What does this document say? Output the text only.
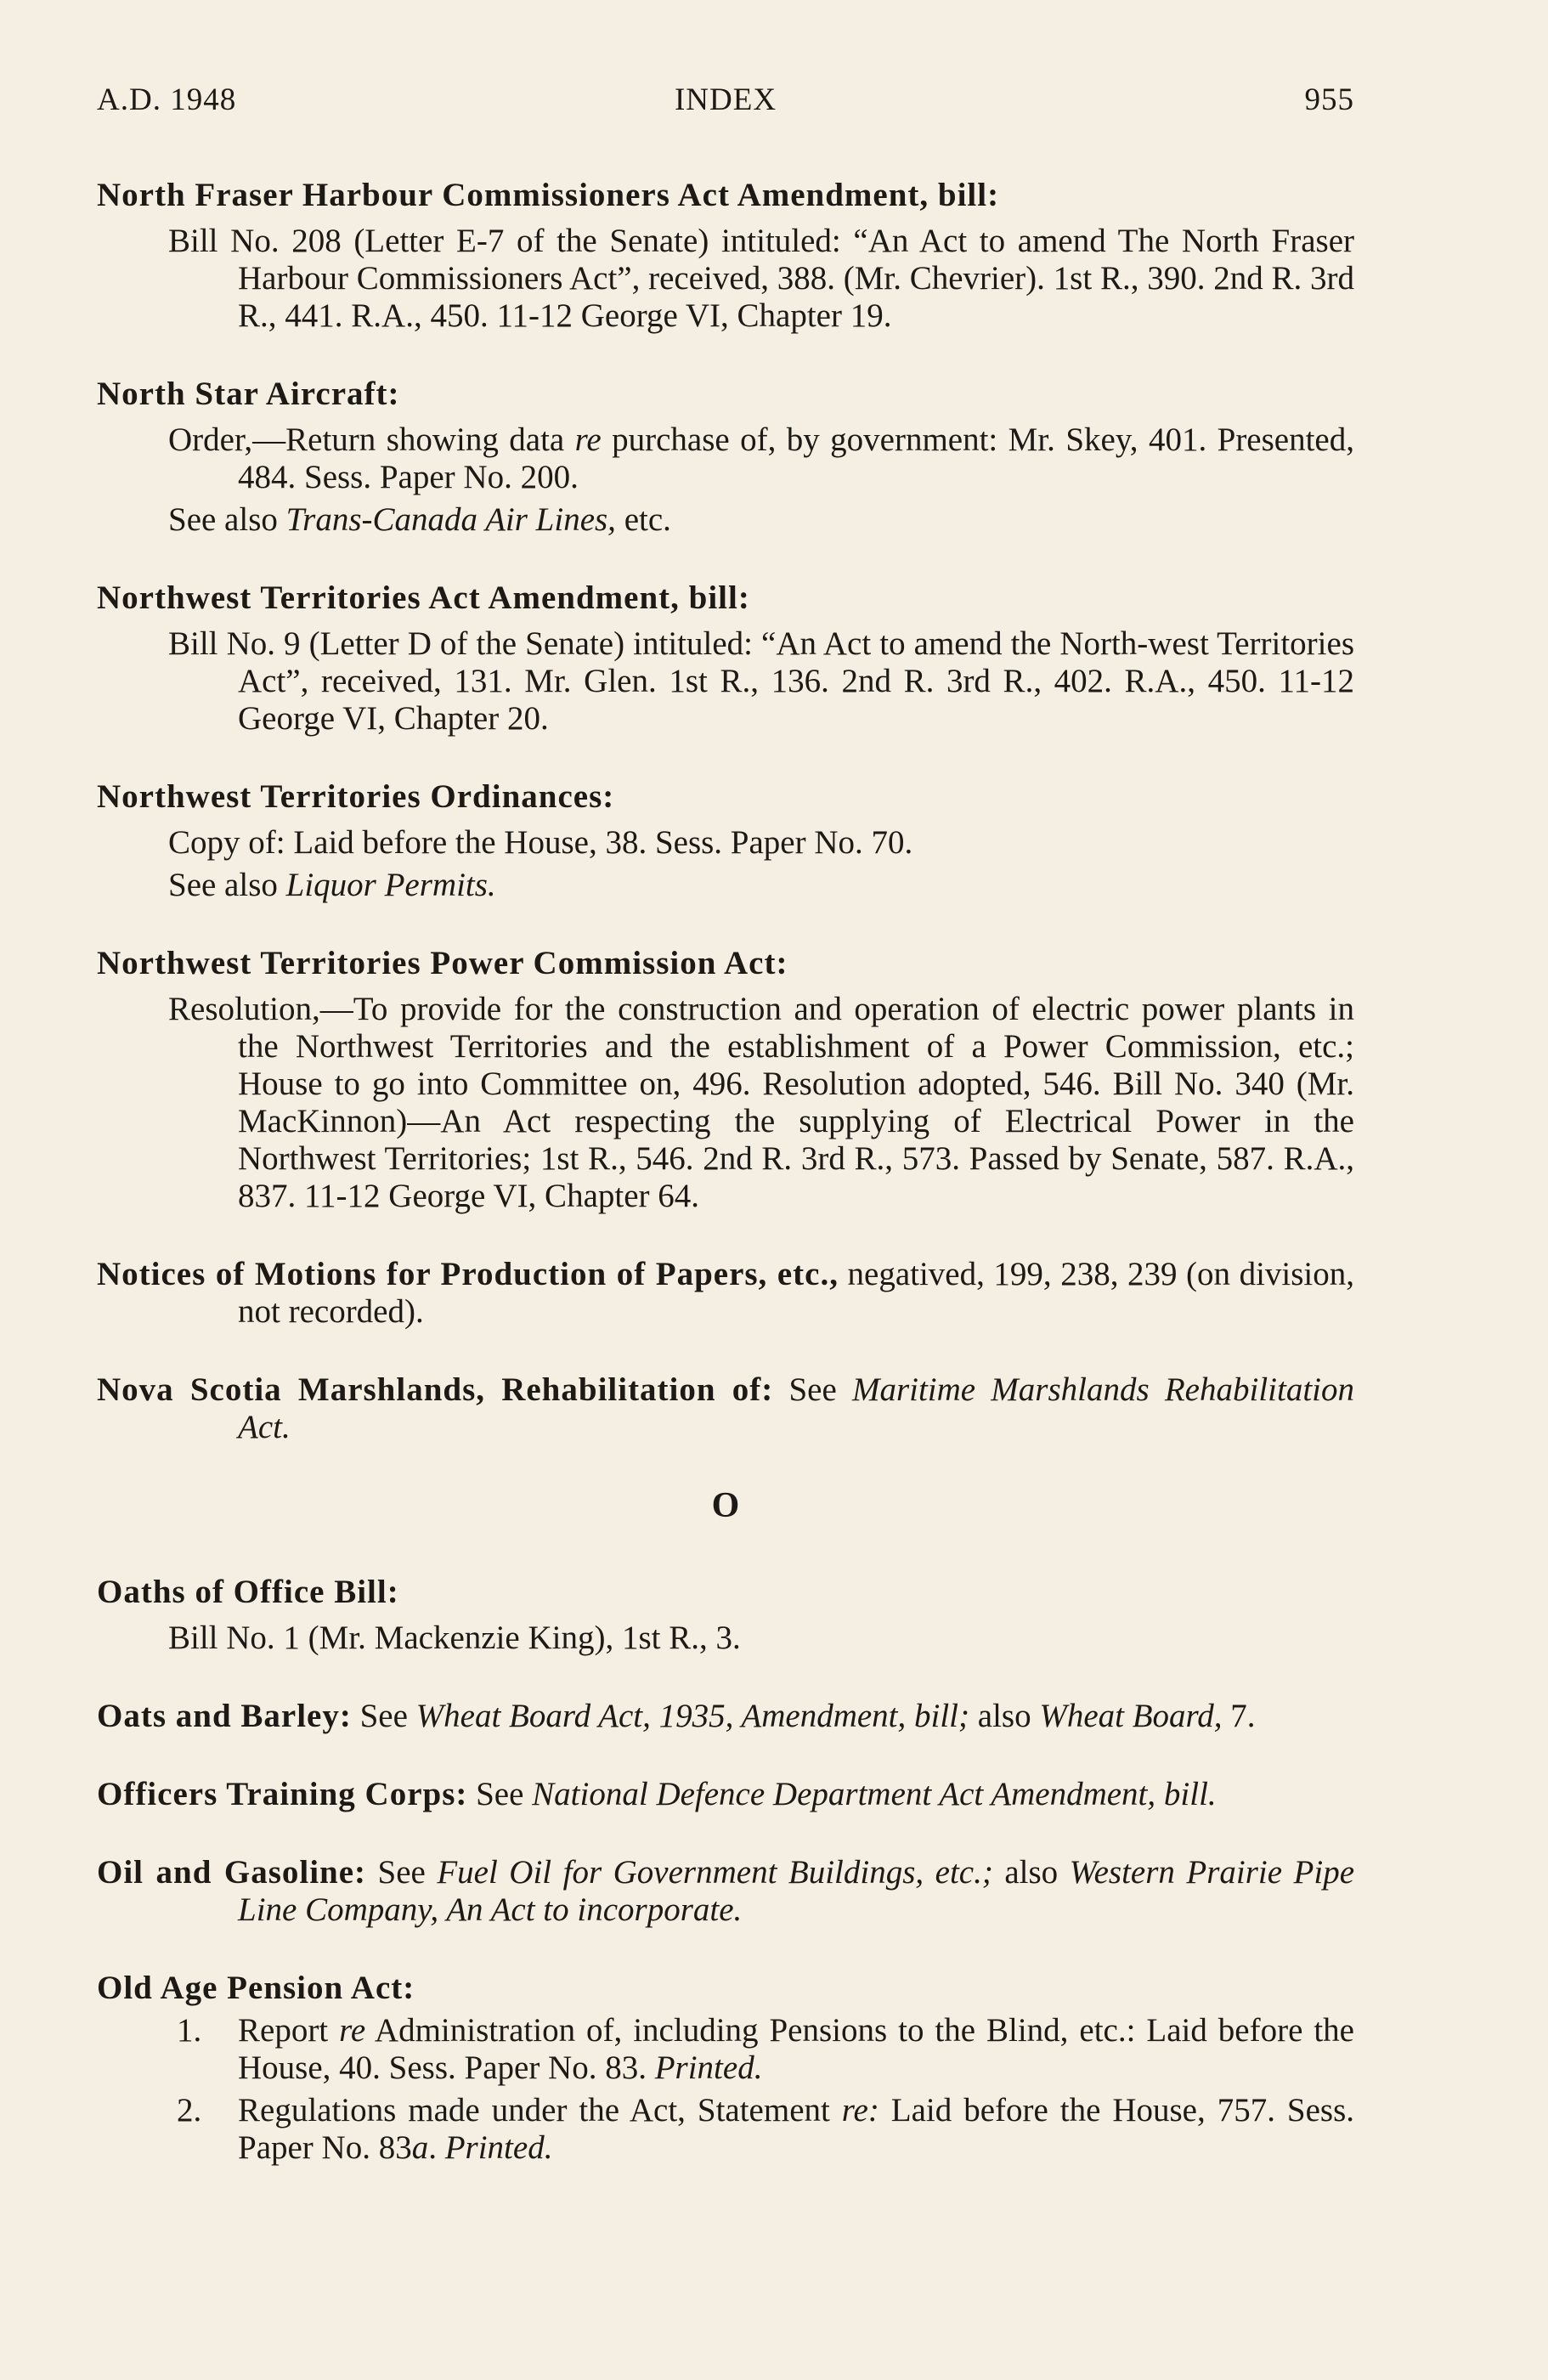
A.D. 1948	INDEX	955
North Fraser Harbour Commissioners Act Amendment, bill:
Bill No. 208 (Letter E-7 of the Senate) intituled: “An Act to amend The North Fraser Harbour Commissioners Act”, received, 388. (Mr. Chevrier). 1st R., 390. 2nd R. 3rd R., 441. R.A., 450. 11-12 George VI, Chapter 19.
North Star Aircraft:
Order,—Return showing data re purchase of, by government: Mr. Skey, 401. Presented, 484. Sess. Paper No. 200.
See also Trans-Canada Air Lines, etc.
Northwest Territories Act Amendment, bill:
Bill No. 9 (Letter D of the Senate) intituled: “An Act to amend the North-west Territories Act”, received, 131. Mr. Glen. 1st R., 136. 2nd R. 3rd R., 402. R.A., 450. 11-12 George VI, Chapter 20.
Northwest Territories Ordinances:
Copy of: Laid before the House, 38. Sess. Paper No. 70.
See also Liquor Permits.
Northwest Territories Power Commission Act:
Resolution,—To provide for the construction and operation of electric power plants in the Northwest Territories and the establishment of a Power Commission, etc.; House to go into Committee on, 496. Resolution adopted, 546. Bill No. 340 (Mr. MacKinnon)—An Act respecting the supplying of Electrical Power in the Northwest Territories; 1st R., 546. 2nd R. 3rd R., 573. Passed by Senate, 587. R.A., 837. 11-12 George VI, Chapter 64.
Notices of Motions for Production of Papers, etc., negatived, 199, 238, 239 (on division, not recorded).
Nova Scotia Marshlands, Rehabilitation of: See Maritime Marshlands Rehabilitation Act.
O
Oaths of Office Bill:
Bill No. 1 (Mr. Mackenzie King), 1st R., 3.
Oats and Barley: See Wheat Board Act, 1935, Amendment, bill; also Wheat Board, 7.
Officers Training Corps: See National Defence Department Act Amendment, bill.
Oil and Gasoline: See Fuel Oil for Government Buildings, etc.; also Western Prairie Pipe Line Company, An Act to incorporate.
Old Age Pension Act:
1. Report re Administration of, including Pensions to the Blind, etc.: Laid before the House, 40. Sess. Paper No. 83. Printed.
2. Regulations made under the Act, Statement re: Laid before the House, 757. Sess. Paper No. 83a. Printed.
